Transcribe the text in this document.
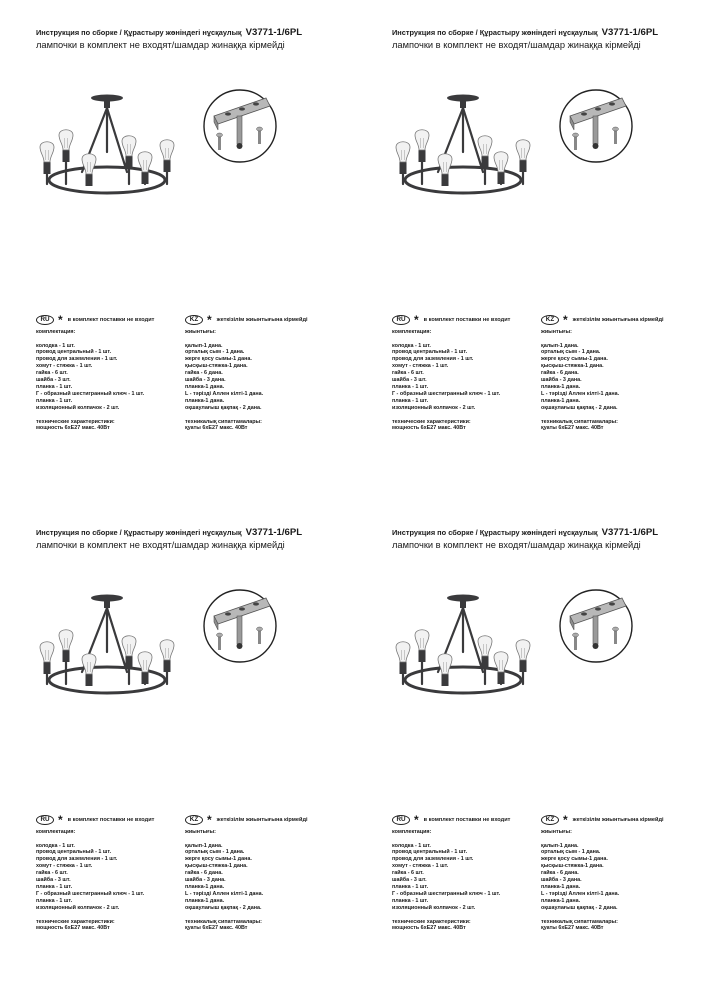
Инструкция по сборке / Құрастыру жөніндегі нұсқаулық V3771-1/6PL
лампочки в комплект не входят/шамдар жинаққа кірмейді
RU * в комплект поставки не входит
комплектация:
колодка - 1 шт.
провод центральный - 1 шт.
провод для заземления - 1 шт.
хомут - стяжка - 1 шт.
гайка - 6 шт.
шайба - 3 шт.
планка - 1 шт.
Г - образный шестигранный ключ - 1 шт.
планка - 1 шт.
изоляционный колпачок - 2 шт.
технические характеристики:
мощность 6xE27 макс. 40Вт
KZ * жеткізілім жиынтығына кірмейді
жиынтығы:
қалып-1 дана.
орталық сым - 1 дана.
жерге қосу сымы-1 дана.
қысқыш-стяжка-1 дана.
гайка - 6 дана.
шайба - 3 дана.
планка-1 дана.
L - тәрізді Аллен кілті-1 дана.
планка-1 дана.
оқшаулағыш қақпақ - 2 дана.
техникалық сипаттамалары:
қуаты 6xE27 макс. 40Вт
Инструкция по сборке / Құрастыру жөніндегі нұсқаулық V3771-1/6PL
лампочки в комплект не входят/шамдар жинаққа кірмейді
RU * в комплект поставки не входит
комплектация:
колодка - 1 шт.
провод центральный - 1 шт.
провод для заземления - 1 шт.
хомут - стяжка - 1 шт.
гайка - 6 шт.
шайба - 3 шт.
планка - 1 шт.
Г - образный шестигранный ключ - 1 шт.
планка - 1 шт.
изоляционный колпачок - 2 шт.
технические характеристики:
мощность 6xE27 макс. 40Вт
KZ * жеткізілім жиынтығына кірмейді
жиынтығы:
қалып-1 дана.
орталық сым - 1 дана.
жерге қосу сымы-1 дана.
қысқыш-стяжка-1 дана.
гайка - 6 дана.
шайба - 3 дана.
планка-1 дана.
L - тәрізді Аллен кілті-1 дана.
планка-1 дана.
оқшаулағыш қақпақ - 2 дана.
техникалық сипаттамалары:
қуаты 6xE27 макс. 40Вт
Инструкция по сборке / Құрастыру жөніндегі нұсқаулық V3771-1/6PL
лампочки в комплект не входят/шамдар жинаққа кірмейді
RU * в комплект поставки не входит
комплектация:
колодка - 1 шт.
провод центральный - 1 шт.
провод для заземления - 1 шт.
хомут - стяжка - 1 шт.
гайка - 6 шт.
шайба - 3 шт.
планка - 1 шт.
Г - образный шестигранный ключ - 1 шт.
планка - 1 шт.
изоляционный колпачок - 2 шт.
технические характеристики:
мощность 6xE27 макс. 40Вт
KZ * жеткізілім жиынтығына кірмейді
жиынтығы:
қалып-1 дана.
орталық сым - 1 дана.
жерге қосу сымы-1 дана.
қысқыш-стяжка-1 дана.
гайка - 6 дана.
шайба - 3 дана.
планка-1 дана.
L - тәрізді Аллен кілті-1 дана.
планка-1 дана.
оқшаулағыш қақпақ - 2 дана.
техникалық сипаттамалары:
қуаты 6xE27 макс. 40Вт
Инструкция по сборке / Құрастыру жөніндегі нұсқаулық V3771-1/6PL
лампочки в комплект не входят/шамдар жинаққа кірмейді
RU * в комплект поставки не входит
комплектация:
колодка - 1 шт.
провод центральный - 1 шт.
провод для заземления - 1 шт.
хомут - стяжка - 1 шт.
гайка - 6 шт.
шайба - 3 шт.
планка - 1 шт.
Г - образный шестигранный ключ - 1 шт.
планка - 1 шт.
изоляционный колпачок - 2 шт.
технические характеристики:
мощность 6xE27 макс. 40Вт
KZ * жеткізілім жиынтығына кірмейді
жиынтығы:
қалып-1 дана.
орталық сым - 1 дана.
жерге қосу сымы-1 дана.
қысқыш-стяжка-1 дана.
гайка - 6 дана.
шайба - 3 дана.
планка-1 дана.
L - тәрізді Аллен кілті-1 дана.
планка-1 дана.
оқшаулағыш қақпақ - 2 дана.
техникалық сипаттамалары:
қуаты 6xE27 макс. 40Вт
